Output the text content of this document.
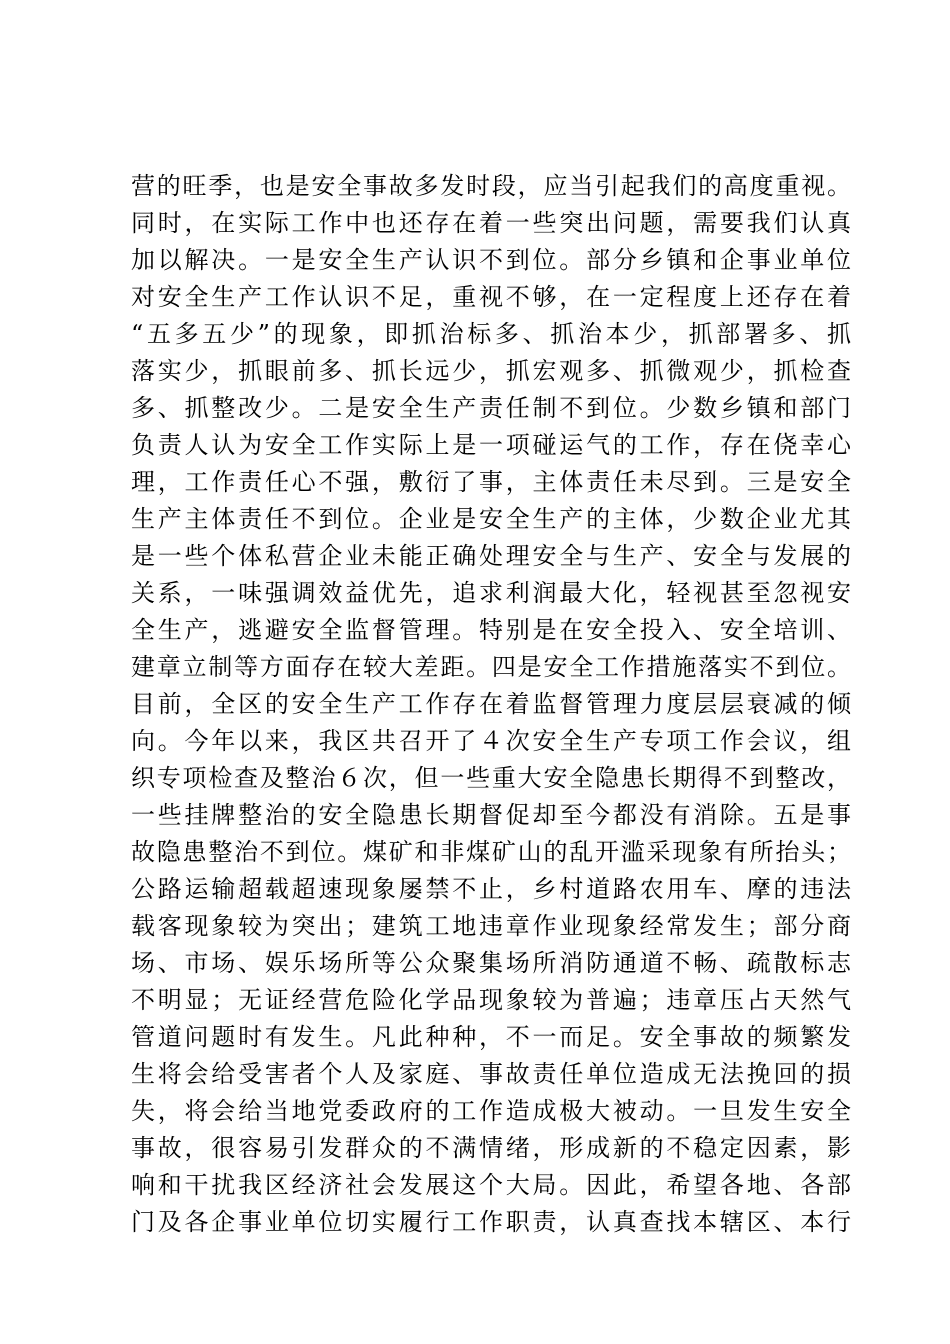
营的旺季，也是安全事故多发时段，应当引起我们的高度重视。
同时，在实际工作中也还存在着一些突出问题，需要我们认真
加以解决。一是安全生产认识不到位。部分乡镇和企事业单位
对安全生产工作认识不足，重视不够，在一定程度上还存在着
“五多五少”的现象，即抓治标多、抓治本少，抓部署多、抓
落实少，抓眼前多、抓长远少，抓宏观多、抓微观少，抓检查
多、抓整改少。二是安全生产责任制不到位。少数乡镇和部门
负责人认为安全工作实际上是一项碰运气的工作，存在侥幸心
理，工作责任心不强，敷衍了事，主体责任未尽到。三是安全
生产主体责任不到位。企业是安全生产的主体，少数企业尤其
是一些个体私营企业未能正确处理安全与生产、安全与发展的
关系，一味强调效益优先，追求利润最大化，轻视甚至忽视安
全生产，逃避安全监督管理。特别是在安全投入、安全培训、
建章立制等方面存在较大差距。四是安全工作措施落实不到位。
目前，全区的安全生产工作存在着监督管理力度层层衰减的倾
向。今年以来，我区共召开了４次安全生产专项工作会议，组
织专项检查及整治６次，但一些重大安全隐患长期得不到整改，
一些挂牌整治的安全隐患长期督促却至今都没有消除。五是事
故隐患整治不到位。煤矿和非煤矿山的乱开滥采现象有所抬头；
公路运输超载超速现象屡禁不止，乡村道路农用车、摩的违法
载客现象较为突出；建筑工地违章作业现象经常发生；部分商
场、市场、娱乐场所等公众聚集场所消防通道不畅、疏散标志
不明显；无证经营危险化学品现象较为普遍；违章压占天然气
管道问题时有发生。凡此种种，不一而足。安全事故的频繁发
生将会给受害者个人及家庭、事故责任单位造成无法挽回的损
失，将会给当地党委政府的工作造成极大被动。一旦发生安全
事故，很容易引发群众的不满情绪，形成新的不稳定因素，影
响和干扰我区经济社会发展这个大局。因此，希望各地、各部
门及各企事业单位切实履行工作职责，认真查找本辖区、本行
